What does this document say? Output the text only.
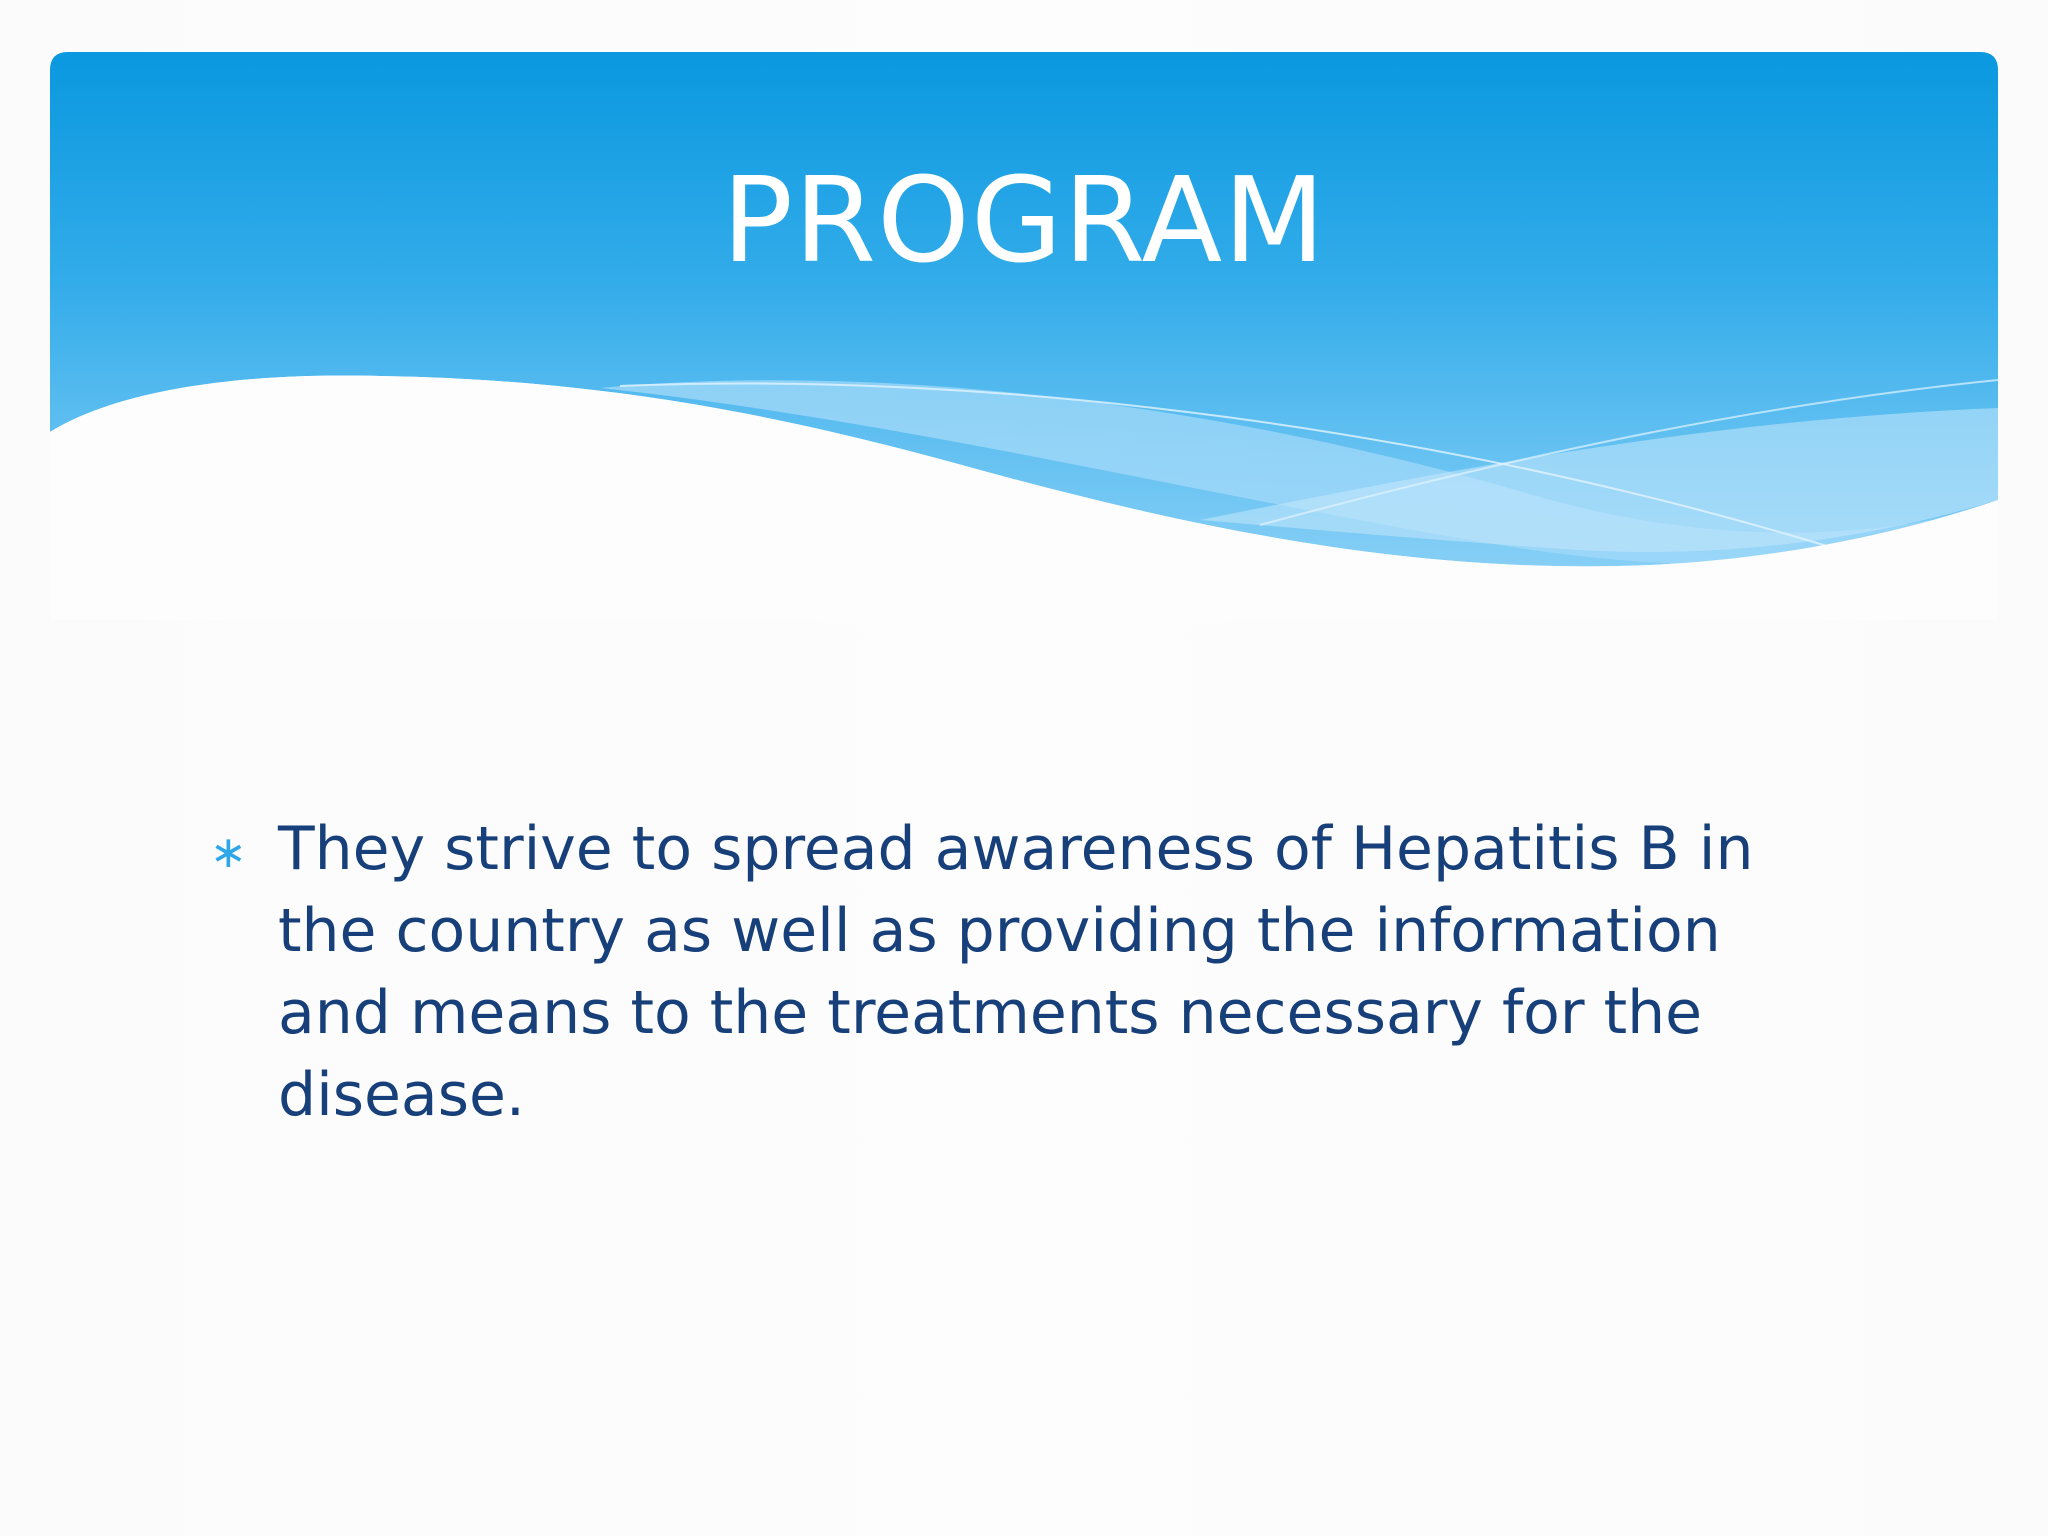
PROGRAM
∗ They strive to spread awareness of Hepatitis B in the country as well as providing the information and means to the treatments necessary for the disease.
